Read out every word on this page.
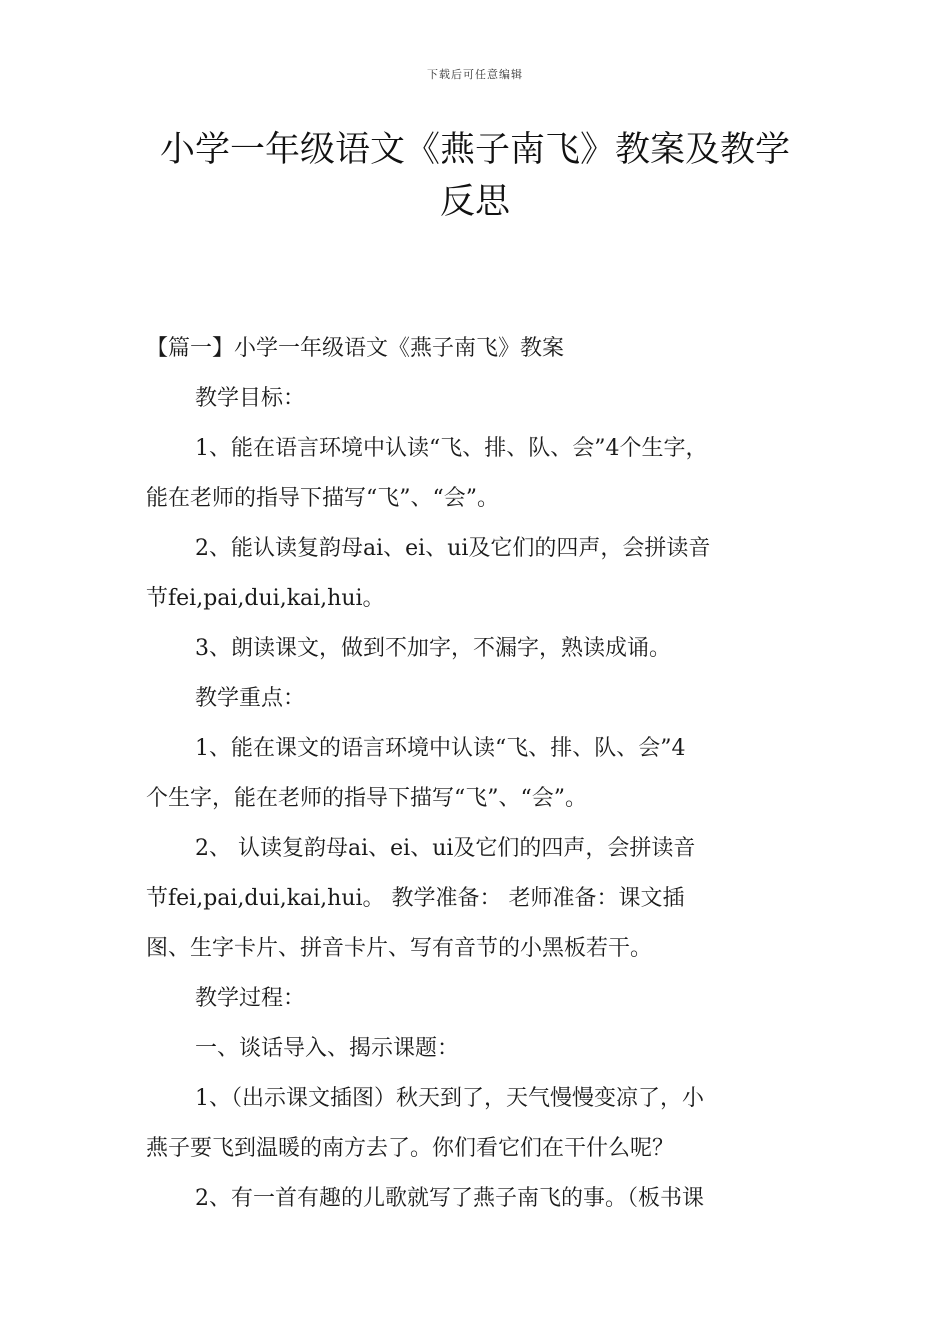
下载后可任意编辑
小学一年级语文《燕子南飞》教案及教学
反思

【篇一】小学一年级语文《燕子南飞》教案

教学目标：

1、能在语言环境中认读“飞、排、队、会”4个生字，

能在老师的指导下描写“飞”、“会”。

2、能认读复韵母ai、ei、ui及它们的四声，会拼读音

节fei,pai,dui,kai,hui。

3、朗读课文，做到不加字，不漏字，熟读成诵。

教学重点：

1、能在课文的语言环境中认读“飞、排、队、会”4

个生字，能在老师的指导下描写“飞”、“会”。

2、 认读复韵母ai、ei、ui及它们的四声，会拼读音

节fei,pai,dui,kai,hui。 教学准备： 老师准备：课文插

图、生字卡片、拼音卡片、写有音节的小黑板若干。

教学过程：

一、谈话导入、揭示课题：

1、（出示课文插图）秋天到了，天气慢慢变凉了，小

燕子要飞到温暖的南方去了。你们看它们在干什么呢？

2、有一首有趣的儿歌就写了燕子南飞的事。（板书课
